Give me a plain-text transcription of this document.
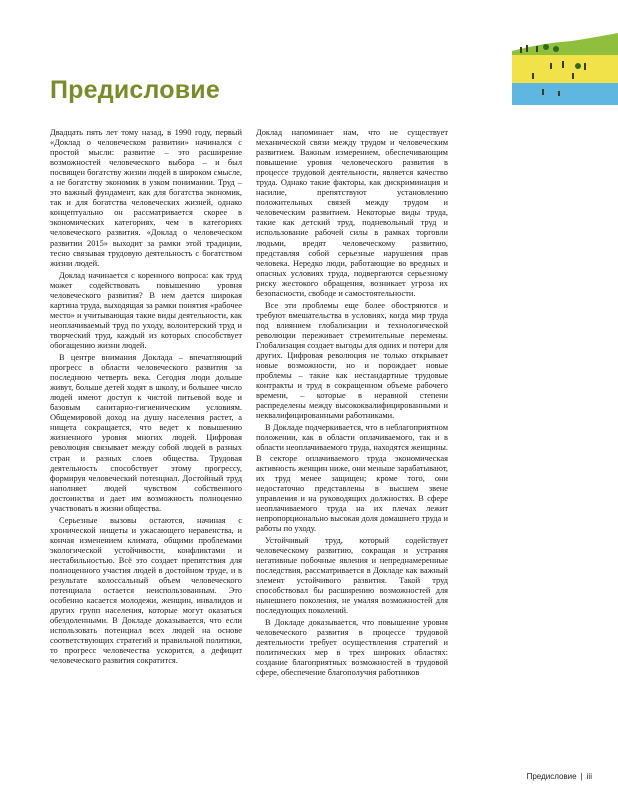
Предисловие

Двадцать пять лет тому назад, в 1990 году, первый «Доклад о человеческом развитии» начинался с простой мысли: развитие – это расширение возможностей человеческого выбора – и был посвящен богатству жизни людей в широком смысле, а не богатству экономик в узком понимании. Труд – это важный фундамент, как для богатства экономик, так и для богатства человеческих жизней, однако концептуально он рассматривается скорее в экономических категориях, чем в категориях человеческого развития. «Доклад о человеческом развитии 2015» выходит за рамки этой традиции, тесно связывая трудовую деятельность с богатством жизни людей.

Доклад начинается с коренного вопроса: как труд может содействовать повышению уровня человеческого развития? В нем дается широкая картина труда, выходящая за рамки понятия «рабочее место» и учитывающая такие виды деятельности, как неоплачиваемый труд по уходу, волонтерский труд и творческий труд, каждый из которых способствует обогащению жизни людей.

В центре внимания Доклада – впечатляющий прогресс в области человеческого развития за последнюю четверть века. Сегодня люди дольше живут, больше детей ходят в школу, и большее число людей имеют доступ к чистой питьевой воде и базовым санитарно-гигиеническим условиям. Общемировой доход на душу населения растет, а нищета сокращается, что ведет к повышению жизненного уровня многих людей. Цифровая революция связывает между собой людей в разных стран и разных слоев общества. Трудовая деятельность способствует этому прогрессу, формируя человеческий потенциал. Достойный труд наполняет людей чувством собственного достоинства и дает им возможность полноценно участвовать в жизни общества.

Серьезные вызовы остаются, начиная с хронической нищеты и ужасающего неравенства, и кончая изменением климата, общими проблемами экологической устойчивости, конфликтами и нестабильностью. Всё это создает препятствия для полноценного участия людей в достойном труде, и в результате колоссальный объем человеческого потенциала остается неиспользованным. Это особенно касается молодежи, женщин, инвалидов и других групп населения, которые могут оказаться обездоленными. В Докладе доказывается, что если использовать потенциал всех людей на основе соответствующих стратегий и правильной политики, то прогресс человечества ускорится, а дефицит человеческого развития сократится.

Доклад напоминает нам, что не существует механической связи между трудом и человеческим развитием. Важным измерением, обеспечивающим повышение уровня человеческого развития в процессе трудовой деятельности, является качество труда. Однако такие факторы, как дискриминация и насилие, препятствуют установлению положительных связей между трудом и человеческим развитием. Некоторые виды труда, такие как детский труд, подневольный труд и использование рабочей силы в рамках торговли людьми, вредят человеческому развитию, представляя собой серьезные нарушения прав человека. Нередко люди, работающие во вредных и опасных условиях труда, подвергаются серьезному риску жестокого обращения, возникает угроза их безопасности, свободе и самостоятельности.

Все эти проблемы еще более обостряются и требуют вмешательства в условиях, когда мир труда под влиянием глобализации и технологической революции переживает стремительные перемены. Глобализация создает выгоды для одних и потери для других. Цифровая революция не только открывает новые возможности, но и порождает новые проблемы – такие как нестандартные трудовые контракты и труд в сокращенном объеме рабочего времени, – которые в неравной степени распределены между высококвалифицированными и неквалифицированными работниками.

В Докладе подчеркивается, что в неблагоприятном положении, как в области оплачиваемого, так и в области неоплачиваемого труда, находятся женщины. В секторе оплачиваемого труда экономическая активность женщин ниже, они меньше зарабатывают, их труд менее защищен; кроме того, они недостаточно представлены в высшем звене управления и на руководящих должностях. В сфере неоплачиваемого труда на их плечах лежит непропорционально высокая доля домашнего труда и работы по уходу.

Устойчивый труд, который содействует человеческому развитию, сокращая и устраняя негативные побочные явления и непреднамеренные последствия, рассматривается в Докладе как важный элемент устойчивого развития. Такой труд способствовал бы расширению возможностей для нынешнего поколения, не умаляя возможностей для последующих поколений.

В Докладе доказывается, что повышение уровня человеческого развития в процессе трудовой деятельности требует осуществления стратегий и политических мер в трех широких областях: создание благоприятных возможностей в трудовой сфере, обеспечение благополучия работников

Предисловие | iii
